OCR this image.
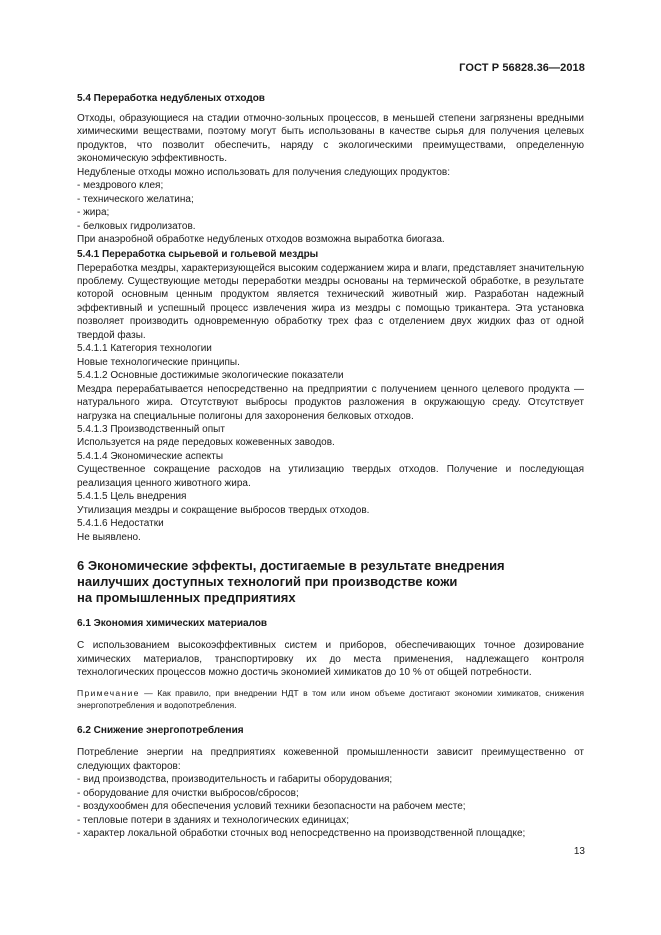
ГОСТ Р 56828.36—2018

5.4 Переработка недубленых отходов

Отходы, образующиеся на стадии отмочно-зольных процессов, в меньшей степени загрязнены вредными химическими веществами, поэтому могут быть использованы в качестве сырья для получения целевых продуктов, что позволит обеспечить, наряду с экологическими преимуществами, определенную экономическую эффективность.

Недубленые отходы можно использовать для получения следующих продуктов:

- мездрового клея;

- технического желатина;

- жира;

- белковых гидролизатов.

При анаэробной обработке недубленых отходов возможна выработка биогаза.

5.4.1 Переработка сырьевой и гольевой мездры

Переработка мездры, характеризующейся высоким содержанием жира и влаги, представляет значительную проблему. Существующие методы переработки мездры основаны на термической обработке, в результате которой основным ценным продуктом является технический животный жир. Разработан надежный эффективный и успешный процесс извлечения жира из мездры с помощью трикантера. Эта установка позволяет производить одновременную обработку трех фаз с отделением двух жидких фаз от одной твердой фазы.

5.4.1.1 Категория технологии

Новые технологические принципы.

5.4.1.2 Основные достижимые экологические показатели

Мездра перерабатывается непосредственно на предприятии с получением ценного целевого продукта — натурального жира. Отсутствуют выбросы продуктов разложения в окружающую среду. Отсутствует нагрузка на специальные полигоны для захоронения белковых отходов.

5.4.1.3 Производственный опыт

Используется на ряде передовых кожевенных заводов.

5.4.1.4 Экономические аспекты

Существенное сокращение расходов на утилизацию твердых отходов. Получение и последующая реализация ценного животного жира.

5.4.1.5 Цель внедрения

Утилизация мездры и сокращение выбросов твердых отходов.

5.4.1.6 Недостатки

Не выявлено.

6 Экономические эффекты, достигаемые в результате внедрения

наилучших доступных технологий при производстве кожи

на промышленных предприятиях

6.1 Экономия химических материалов

С использованием высокоэффективных систем и приборов, обеспечивающих точное дозирование химических материалов, транспортировку их до места применения, надлежащего контроля технологических процессов можно достичь экономией химикатов до 10 % от общей потребности.

Примечание — Как правило, при внедрении НДТ в том или ином объеме достигают экономии химикатов, снижения энергопотребления и водопотребления.

6.2 Снижение энергопотребления

Потребление энергии на предприятиях кожевенной промышленности зависит преимущественно от следующих факторов:

- вид производства, производительность и габариты оборудования;

- оборудование для очистки выбросов/сбросов;

- воздухообмен для обеспечения условий техники безопасности на рабочем месте;

- тепловые потери в зданиях и технологических единицах;

- характер локальной обработки сточных вод непосредственно на производственной площадке;

13
